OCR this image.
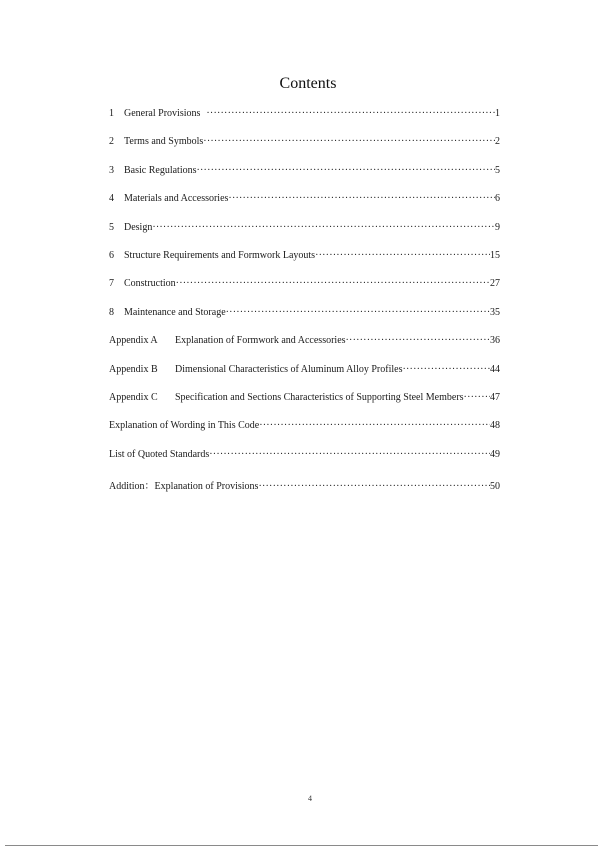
Contents
1	General Provisions ·····	1
2	Terms and Symbols ·····	2
3	Basic Regulations ·····	5
4	Materials and Accessories ·····	6
5	Design ·····	9
6	Structure Requirements and Formwork Layouts ·····	15
7	Construction ·····	27
8	Maintenance and Storage ·····	35
Appendix A	Explanation of Formwork and Accessories ·····	36
Appendix B	Dimensional Characteristics of Aluminum Alloy Profiles ·····	44
Appendix C	Specification and Sections Characteristics of Supporting Steel Members ·····	47
Explanation of Wording in This Code ·····	48
List of Quoted Standards ·····	49
Addition：Explanation of Provisions ·····	50
4
